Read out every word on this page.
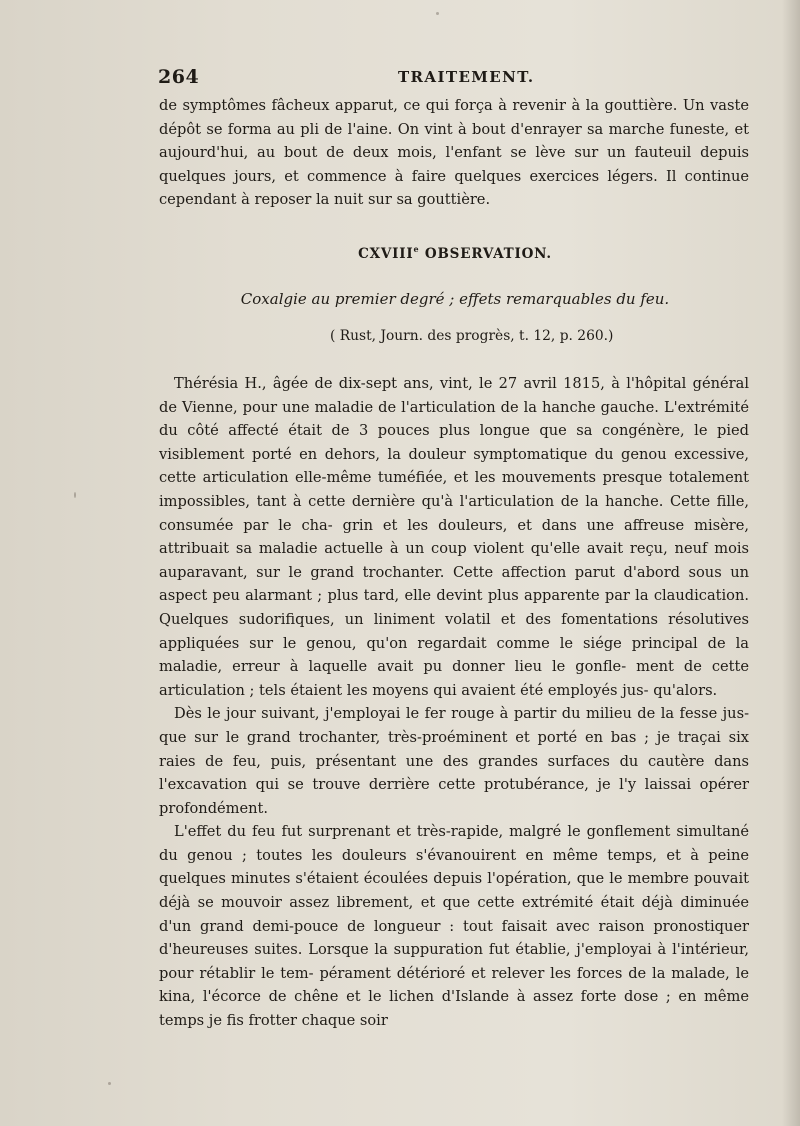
264	TRAITEMENT.

de symptômes fâcheux apparut, ce qui força à revenir à la gouttière. Un vaste dépôt se forma au pli de l'aine. On vint à bout d'enrayer sa marche funeste, et aujourd'hui, au bout de deux mois, l'enfant se lève sur un fauteuil depuis quelques jours, et commence à faire quelques exercices légers. Il continue cependant à reposer la nuit sur sa gouttière.

CXVIIIe OBSERVATION.
Coxalgie au premier degré ; effets remarquables du feu.
( Rust, Journ. des progrès, t. 12, p. 260.)

Thérésia H., âgée de dix-sept ans, vint, le 27 avril 1815, à l'hôpital général de Vienne, pour une maladie de l'articulation de la hanche gauche. L'extrémité du côté affecté était de 3 pouces plus longue que sa congénère, le pied visiblement porté en dehors, la douleur symptomatique du genou excessive, cette articulation elle-même tuméfiée, et les mouvements presque totalement impossibles, tant à cette dernière qu'à l'articulation de la hanche. Cette fille, consumée par le cha- grin et les douleurs, et dans une affreuse misère, attribuait sa maladie actuelle à un coup violent qu'elle avait reçu, neuf mois auparavant, sur le grand trochanter. Cette affection parut d'abord sous un aspect peu alarmant ; plus tard, elle devint plus apparente par la claudication. Quelques sudorifiques, un liniment volatil et des fomentations résolutives appliquées sur le genou, qu'on regardait comme le siége principal de la maladie, erreur à laquelle avait pu donner lieu le gonfle- ment de cette articulation ; tels étaient les moyens qui avaient été employés jus- qu'alors.

Dès le jour suivant, j'employai le fer rouge à partir du milieu de la fesse jus- que sur le grand trochanter, très-proéminent et porté en bas ; je traçai six raies de feu, puis, présentant une des grandes surfaces du cautère dans l'excavation qui se trouve derrière cette protubérance, je l'y laissai opérer profondément.

L'effet du feu fut surprenant et très-rapide, malgré le gonflement simultané du genou ; toutes les douleurs s'évanouirent en même temps, et à peine quelques minutes s'étaient écoulées depuis l'opération, que le membre pouvait déjà se mouvoir assez librement, et que cette extrémité était déjà diminuée d'un grand demi-pouce de longueur : tout faisait avec raison pronostiquer d'heureuses suites. Lorsque la suppuration fut établie, j'employai à l'intérieur, pour rétablir le tem- pérament détérioré et relever les forces de la malade, le kina, l'écorce de chêne et le lichen d'Islande à assez forte dose ; en même temps je fis frotter chaque soir
